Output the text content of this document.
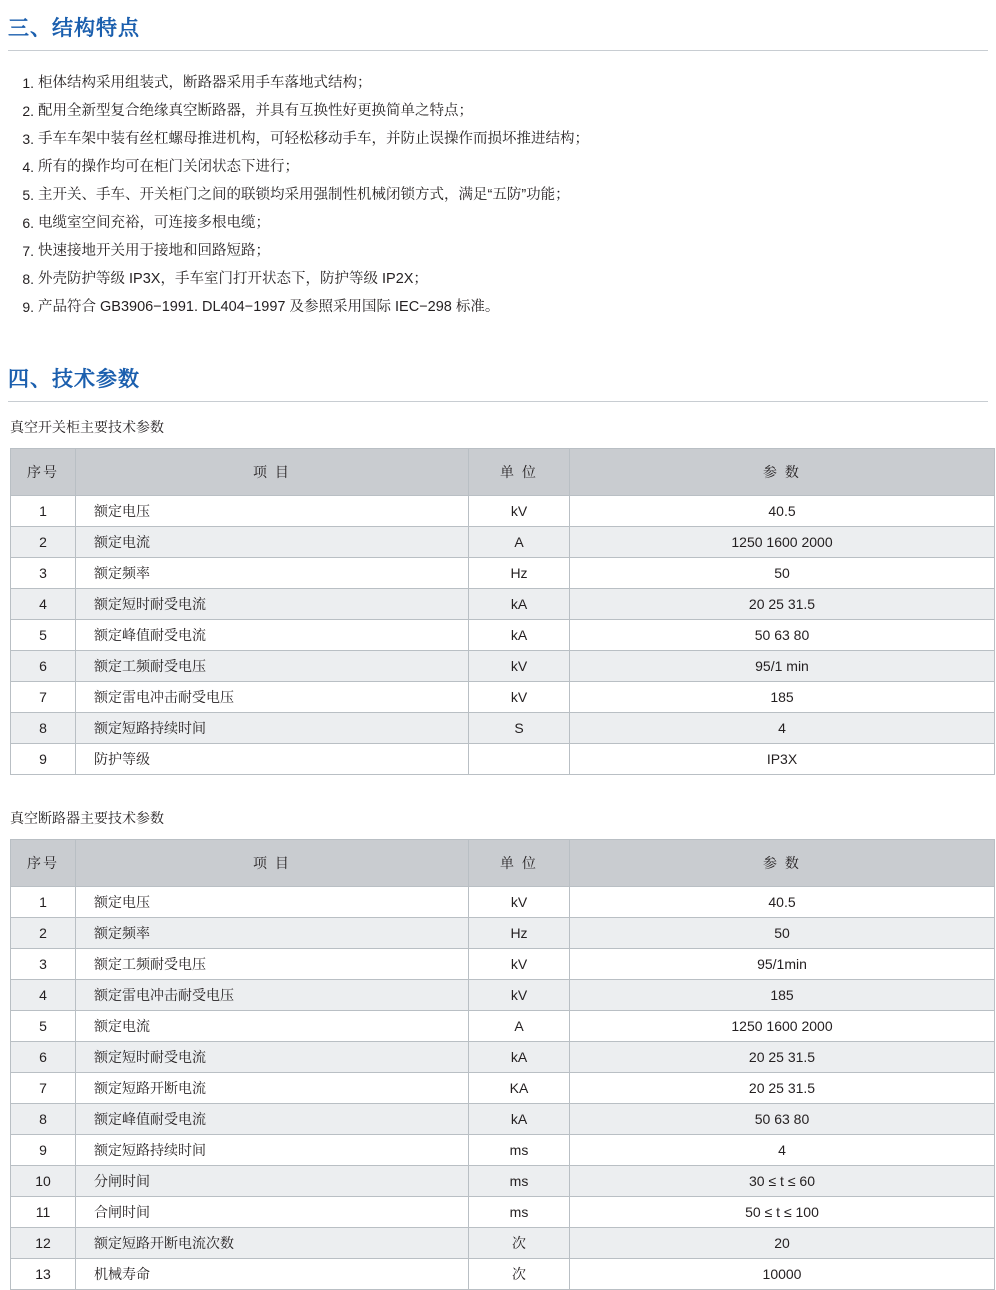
三、结构特点
1. 柜体结构采用组装式，断路器采用手车落地式结构；
2. 配用全新型复合绝缘真空断路器，并具有互换性好更换简单之特点；
3. 手车车架中装有丝杠螺母推进机构，可轻松移动手车，并防止误操作而损坏推进结构；
4. 所有的操作均可在柜门关闭状态下进行；
5. 主开关、手车、开关柜门之间的联锁均采用强制性机械闭锁方式，满足“五防”功能；
6. 电缆室空间充裕，可连接多根电缆；
7. 快速接地开关用于接地和回路短路；
8. 外壳防护等级 IP3X，手车室门打开状态下，防护等级 IP2X；
9. 产品符合 GB3906−1991. DL404−1997 及参照采用国际 IEC−298 标准。
四、技术参数
真空开关柜主要技术参数
序号	项 目	单 位	参 数
1	额定电压	kV	40.5
2	额定电流	A	1250 1600 2000
3	额定频率	Hz	50
4	额定短时耐受电流	kA	20 25 31.5
5	额定峰值耐受电流	kA	50 63 80
6	额定工频耐受电压	kV	95/1 min
7	额定雷电冲击耐受电压	kV	185
8	额定短路持续时间	S	4
9	防护等级		IP3X
真空断路器主要技术参数
序号	项 目	单 位	参 数
1	额定电压	kV	40.5
2	额定频率	Hz	50
3	额定工频耐受电压	kV	95/1min
4	额定雷电冲击耐受电压	kV	185
5	额定电流	A	1250 1600 2000
6	额定短时耐受电流	kA	20 25 31.5
7	额定短路开断电流	KA	20 25 31.5
8	额定峰值耐受电流	kA	50 63 80
9	额定短路持续时间	ms	4
10	分闸时间	ms	30 ≤ t ≤ 60
11	合闸时间	ms	50 ≤ t ≤ 100
12	额定短路开断电流次数	次	20
13	机械寿命	次	10000
